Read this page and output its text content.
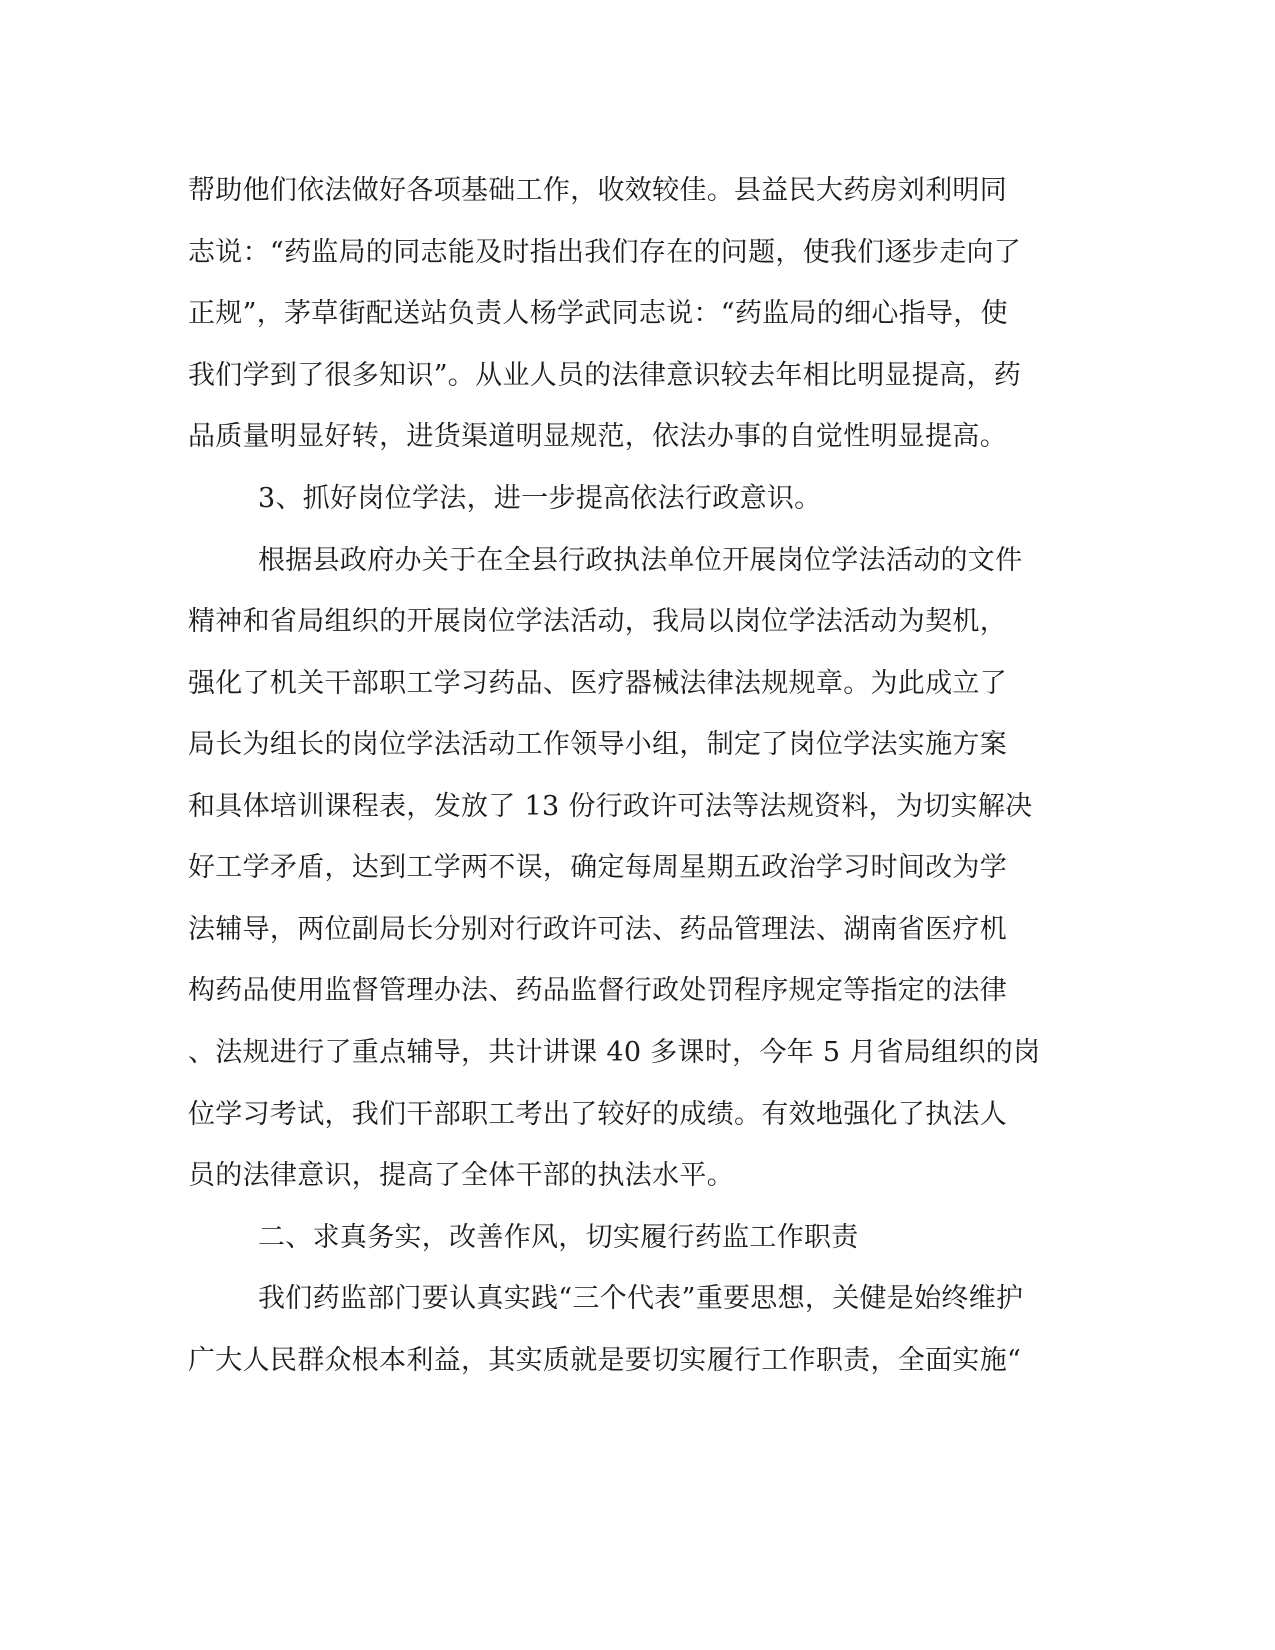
帮助他们依法做好各项基础工作，收效较佳。县益民大药房刘利明同
志说：“药监局的同志能及时指出我们存在的问题，使我们逐步走向了
正规”，茅草街配送站负责人杨学武同志说：“药监局的细心指导，使
我们学到了很多知识”。从业人员的法律意识较去年相比明显提高，药
品质量明显好转，进货渠道明显规范，依法办事的自觉性明显提高。
3、抓好岗位学法，进一步提高依法行政意识。
根据县政府办关于在全县行政执法单位开展岗位学法活动的文件
精神和省局组织的开展岗位学法活动，我局以岗位学法活动为契机，
强化了机关干部职工学习药品、医疗器械法律法规规章。为此成立了
局长为组长的岗位学法活动工作领导小组，制定了岗位学法实施方案
和具体培训课程表，发放了 13 份行政许可法等法规资料，为切实解决
好工学矛盾，达到工学两不误，确定每周星期五政治学习时间改为学
法辅导，两位副局长分别对行政许可法、药品管理法、湖南省医疗机
构药品使用监督管理办法、药品监督行政处罚程序规定等指定的法律
、法规进行了重点辅导，共计讲课 40 多课时，今年 5 月省局组织的岗
位学习考试，我们干部职工考出了较好的成绩。有效地强化了执法人
员的法律意识，提高了全体干部的执法水平。
二、求真务实，改善作风，切实履行药监工作职责
我们药监部门要认真实践“三个代表”重要思想，关健是始终维护
广大人民群众根本利益，其实质就是要切实履行工作职责，全面实施“
